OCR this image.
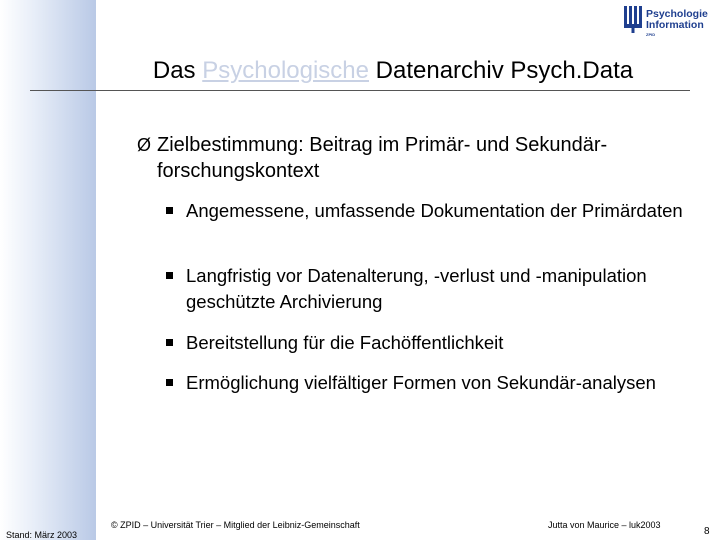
Psychologie
Information
ZPID
Das Psychologische Datenarchiv Psych.Data
Ø Zielbestimmung: Beitrag im Primär- und Sekundär-forschungskontext
Angemessene, umfassende Dokumentation der Primärdaten
Langfristig vor Datenalterung, -verlust und -manipulation geschützte Archivierung
Bereitstellung für die Fachöffentlichkeit
Ermöglichung vielfältiger Formen von Sekundär-analysen
Stand: März 2003
© ZPID – Universität Trier – Mitglied der Leibniz-Gemeinschaft	Jutta von Maurice – luk2003
8
